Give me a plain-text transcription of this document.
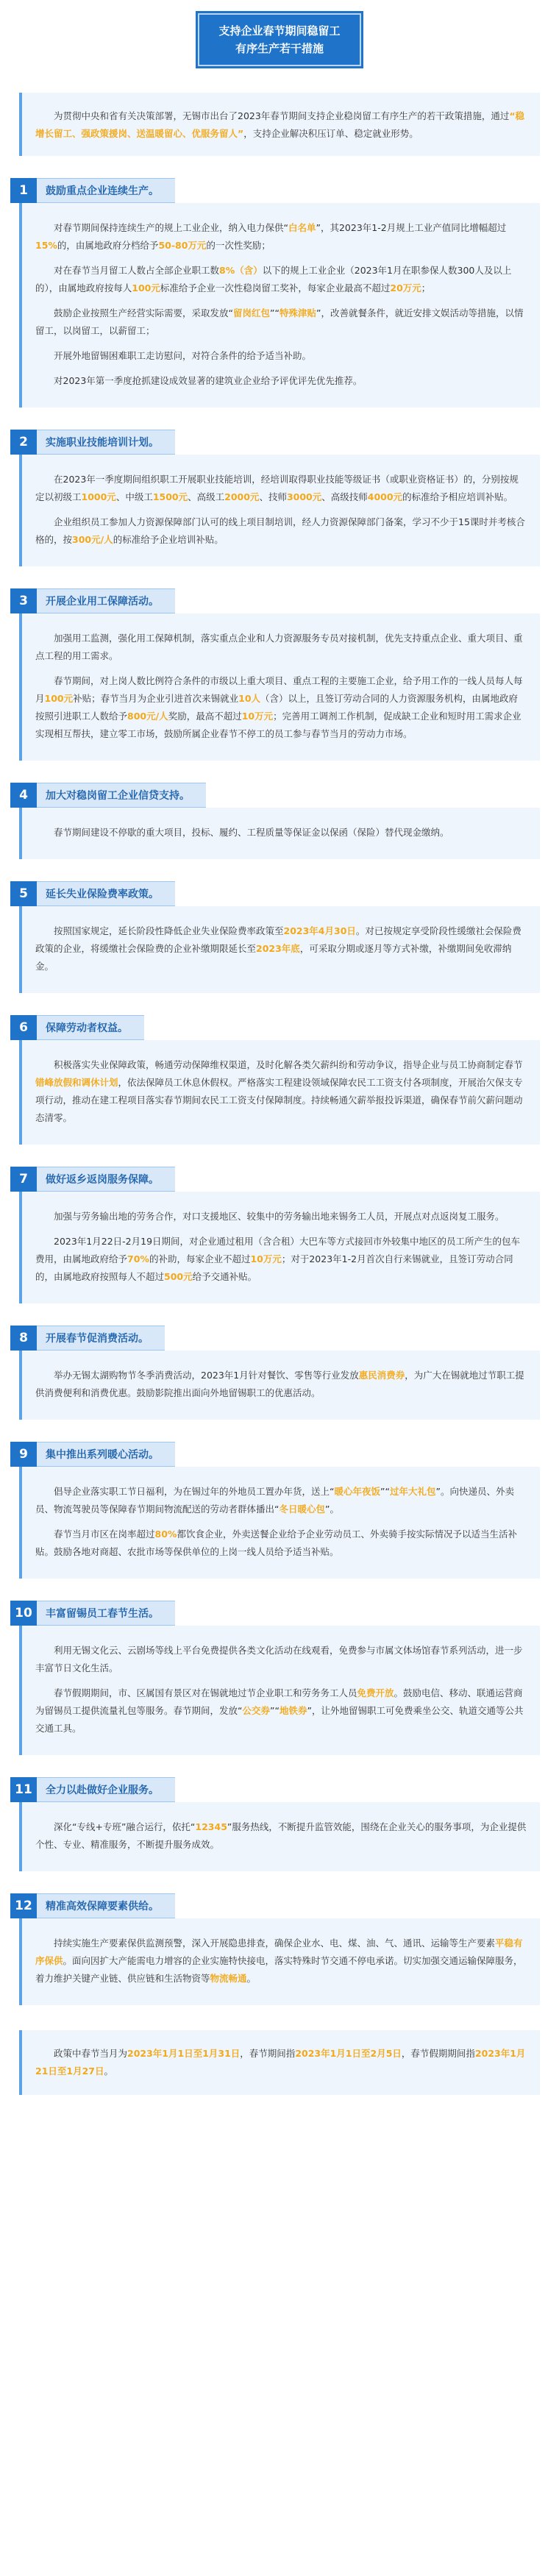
支持企业春节期间稳留工
有序生产若干措施
为贯彻中央和省有关决策部署，无锡市出台了2023年春节期间支持企业稳岗留工有序生产的若干政策措施，通过“稳增长留工、强政策援岗、送温暖留心、优服务留人”，支持企业解决积压订单、稳定就业形势。
1	鼓励重点企业连续生产。
对春节期间保持连续生产的规上工业企业，纳入电力保供“白名单”，其2023年1-2月规上工业产值同比增幅超过15%的，由属地政府分档给予50-80万元的一次性奖励；
对在春节当月留工人数占全部企业职工数8%（含）以下的规上工业企业（2023年1月在职参保人数300人及以上的），由属地政府按每人100元标准给予企业一次性稳岗留工奖补，每家企业最高不超过20万元；
鼓励企业按照生产经营实际需要，采取发放“留岗红包”“特殊津贴”，改善就餐条件，就近安排文娱活动等措施，以情留工，以岗留工，以薪留工；
开展外地留锡困难职工走访慰问，对符合条件的给予适当补助。
对2023年第一季度抢抓建设成效显著的建筑业企业给予评优评先优先推荐。
2	实施职业技能培训计划。
在2023年一季度期间组织职工开展职业技能培训，经培训取得职业技能等级证书（或职业资格证书）的，分别按规定以初级工1000元、中级工1500元、高级工2000元、技师3000元、高级技师4000元的标准给予相应培训补贴。
企业组织员工参加人力资源保障部门认可的线上项目制培训，经人力资源保障部门备案，学习不少于15课时并考核合格的，按300元/人的标准给予企业培训补贴。
3	开展企业用工保障活动。
加强用工监测，强化用工保障机制，落实重点企业和人力资源服务专员对接机制，优先支持重点企业、重大项目、重点工程的用工需求。
春节期间，对上岗人数比例符合条件的市级以上重大项目、重点工程的主要施工企业，给予用工作的一线人员每人每月100元补贴；春节当月为企业引进首次来锡就业10人（含）以上，且签订劳动合同的人力资源服务机构，由属地政府按照引进职工人数给予800元/人奖励，最高不超过10万元；完善用工调剂工作机制，促成缺工企业和短时用工需求企业实现相互帮扶，建立零工市场，鼓励所属企业春节不停工的员工参与春节当月的劳动力市场。
4	加大对稳岗留工企业信贷支持。
春节期间建设不停歇的重大项目，投标、履约、工程质量等保证金以保函（保险）替代现金缴纳。
5	延长失业保险费率政策。
按照国家规定，延长阶段性降低企业失业保险费率政策至2023年4月30日。对已按规定享受阶段性缓缴社会保险费政策的企业，将缓缴社会保险费的企业补缴期限延长至2023年底，可采取分期或逐月等方式补缴，补缴期间免收滞纳金。
6	保障劳动者权益。
积极落实失业保障政策，畅通劳动保障维权渠道，及时化解各类欠薪纠纷和劳动争议，指导企业与员工协商制定春节错峰放假和调休计划，依法保障员工休息休假权。严格落实工程建设领域保障农民工工资支付各项制度，开展治欠保支专项行动，推动在建工程项目落实春节期间农民工工资支付保障制度。持续畅通欠薪举报投诉渠道，确保春节前欠薪问题动态清零。
7	做好返乡返岗服务保障。
加强与劳务输出地的劳务合作，对口支援地区、较集中的劳务输出地来锡务工人员，开展点对点返岗复工服务。
2023年1月22日-2月19日期间，对企业通过租用（含合租）大巴车等方式接回市外较集中地区的员工所产生的包车费用，由属地政府给予70%的补助，每家企业不超过10万元；对于2023年1-2月首次自行来锡就业，且签订劳动合同的，由属地政府按照每人不超过500元给予交通补贴。
8	开展春节促消费活动。
举办无锡太湖购物节冬季消费活动，2023年1月针对餐饮、零售等行业发放惠民消费券，为广大在锡就地过节职工提供消费便利和消费优惠。鼓励影院推出面向外地留锡职工的优惠活动。
9	集中推出系列暖心活动。
倡导企业落实职工节日福利，为在锡过年的外地员工置办年货，送上“暖心年夜饭”“过年大礼包”。向快递员、外卖员、物流驾驶员等保障春节期间物流配送的劳动者群体播出“冬日暖心包”。
春节当月市区在岗率超过80%都饮食企业，外卖送餐企业给予企业劳动员工、外卖骑手按实际情况予以适当生活补贴。鼓励各地对商超、农批市场等保供单位的上岗一线人员给予适当补贴。
10	丰富留锡员工春节生活。
利用无锡文化云、云剧场等线上平台免费提供各类文化活动在线观看，免费参与市属文体场馆春节系列活动，进一步丰富节日文化生活。
春节假期期间，市、区属国有景区对在锡就地过节企业职工和劳务务工人员免费开放。鼓励电信、移动、联通运营商为留锡员工提供流量礼包等服务。春节期间，发放“公交券”“地铁券”，让外地留锡职工可免费乘坐公交、轨道交通等公共交通工具。
11	全力以赴做好企业服务。
深化“专线+专班”融合运行，依托“12345”服务热线，不断提升监管效能，围绕在企业关心的服务事项，为企业提供个性、专业、精准服务，不断提升服务成效。
12	精准高效保障要素供给。
持续实施生产要素保供监测预警，深入开展隐患排查，确保企业水、电、煤、油、气、通讯、运输等生产要素平稳有序保供。面向因扩大产能需电力增容的企业实施特快接电，落实特殊时节交通不停电承诺。切实加强交通运输保障服务，着力维护关键产业链、供应链和生活物资等物流畅通。
政策中春节当月为2023年1月1日至1月31日，春节期间指2023年1月1日至2月5日，春节假期期间指2023年1月21日至1月27日。
